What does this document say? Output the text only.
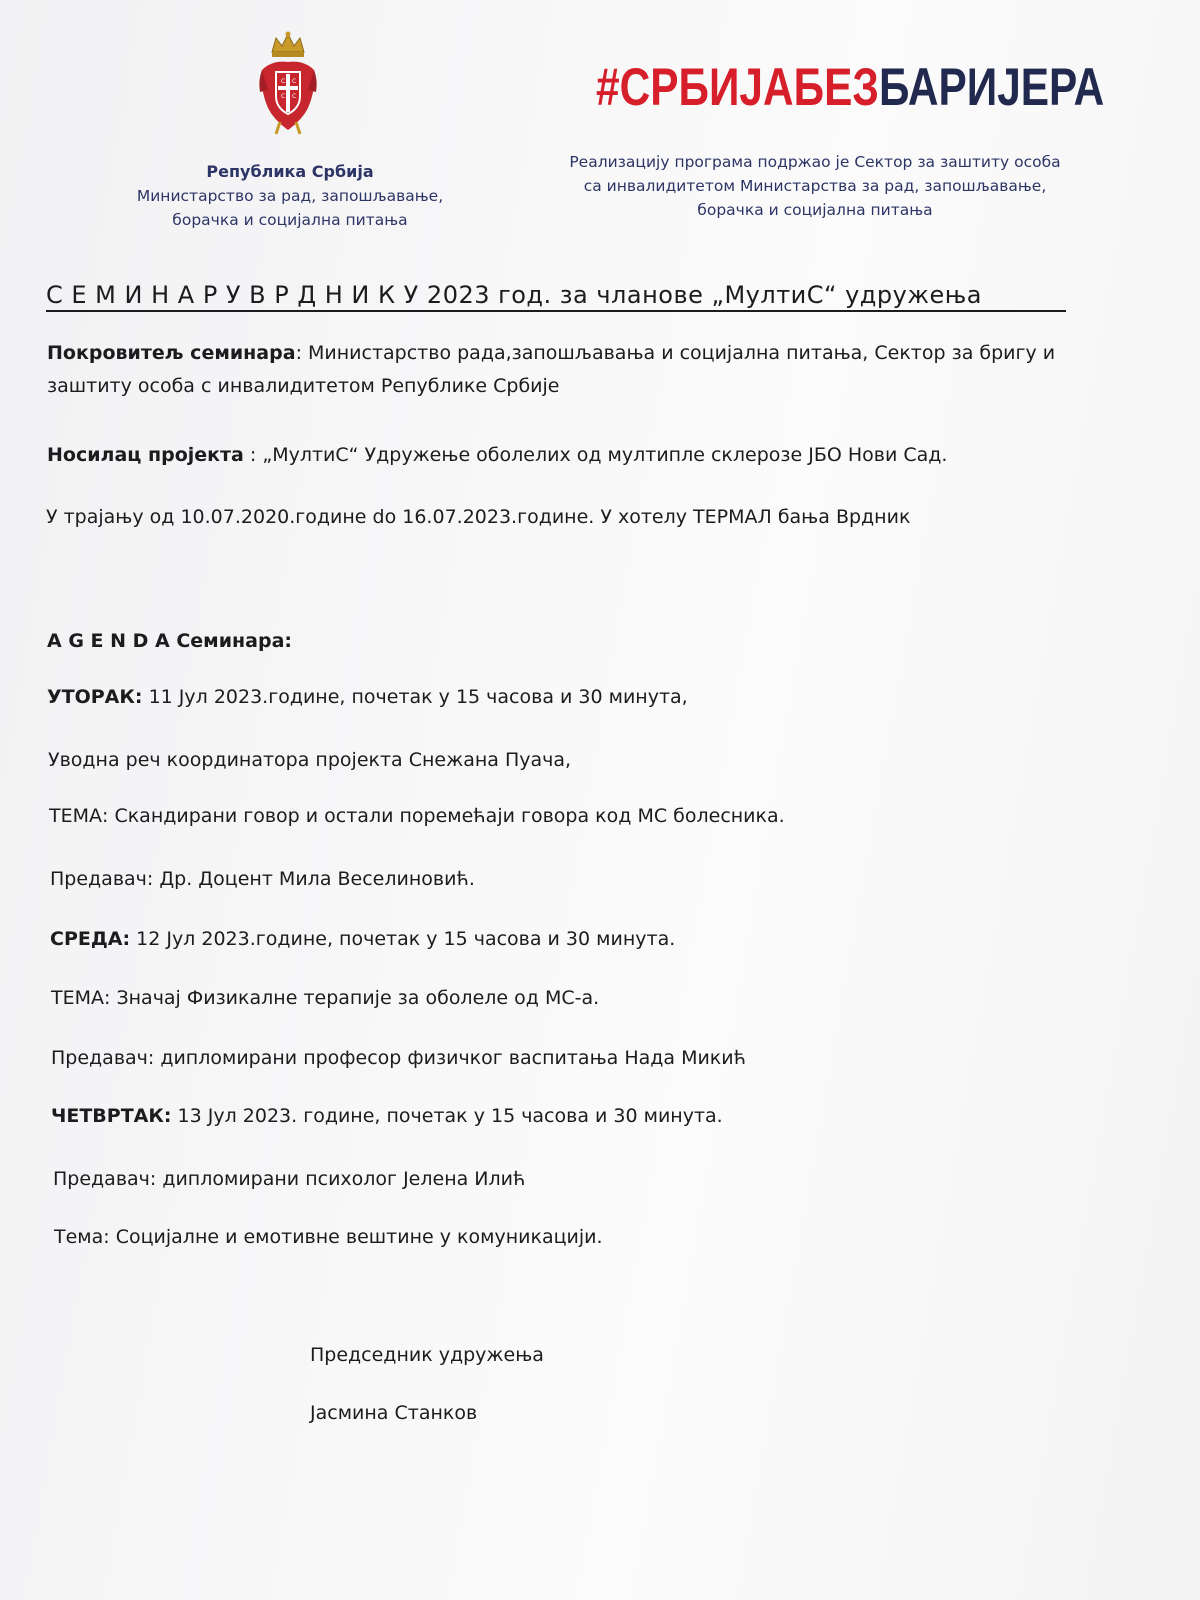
С С
С С
Република Србија
Министарство за рад, запошљавање,
борачка и социјална питања
#СРБИЈАБЕЗБАРИЈЕРА
Реализацију програма подржао је Сектор за заштиту особа
са инвалидитетом Министарства за рад, запошљавање,
борачка и социјална питања
С Е М И Н А Р У В Р Д Н И К У 2023 год. за чланове „МултиС“ удружења
Покровитељ семинара: Министарство рада,запошљавања и социјална питања, Сектор за бригу и заштиту особа с инвалидитетом Републике Србије
Носилац пројекта : „МултиС“ Удружење оболелих од мултипле склерозе ЈБО Нови Сад.
У трајању од 10.07.2020.године do 16.07.2023.године. У хотелу ТЕРМАЛ бања Врдник
A G E N D A Семинара:
УТОРАК: 11 Јул 2023.године, почетак у 15 часова и 30 минута,
Уводна реч координатора пројекта Снежана Пуача,
ТЕМА: Скандирани говор и остали поремећаји говора код МС болесника.
Предавач: Др. Доцент Мила Веселиновић.
СРЕДА: 12 Јул 2023.године, почетак у 15 часова и 30 минута.
ТЕМА: Значај Физикалне терапије за оболеле од МС-а.
Предавач: дипломирани професор физичког васпитања Нада Микић
ЧЕТВРТАК: 13 Јул 2023. године, почетак у 15 часова и 30 минута.
Предавач: дипломирани психолог Јелена Илић
Тема: Социјалне и емотивне вештине у комуникацији.
Председник удружења
Јасмина Станков
